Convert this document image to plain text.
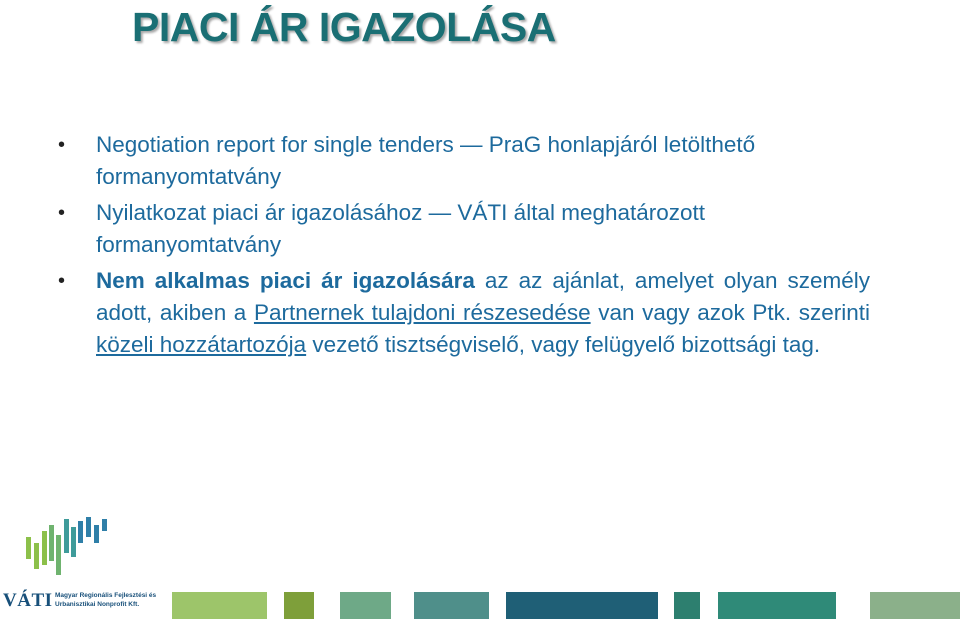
PIACI ÁR IGAZOLÁSA
• Negotiation report for single tenders — PraG honlapjáról letölthető formanyomtatvány
• Nyilatkozat piaci ár igazolásához — VÁTI által meghatározott formanyomtatvány
• Nem alkalmas piaci ár igazolására az az ajánlat, amelyet olyan személy adott, akiben a Partnernek tulajdoni részesedése van vagy azok Ptk. szerinti közeli hozzátartozója vezető tisztségviselő, vagy felügyelő bizottsági tag.
VÁTI Magyar Regionális Fejlesztési és Urbanisztikai Nonprofit Kft.
